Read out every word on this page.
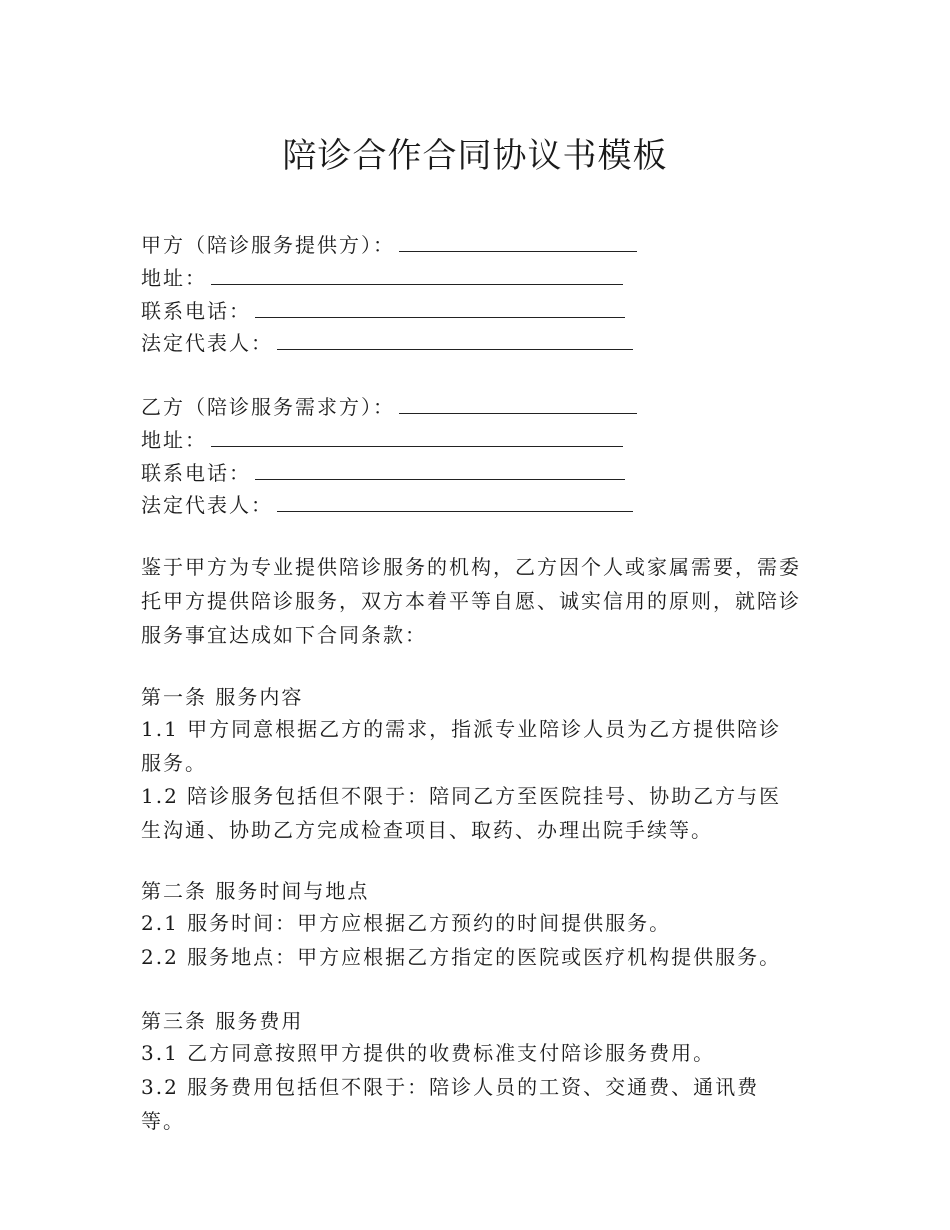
陪诊合作合同协议书模板
甲方（陪诊服务提供方）：
地址：
联系电话：
法定代表人：
乙方（陪诊服务需求方）：
地址：
联系电话：
法定代表人：
鉴于甲方为专业提供陪诊服务的机构，乙方因个人或家属需要，需委托甲方提供陪诊服务，双方本着平等自愿、诚实信用的原则，就陪诊服务事宜达成如下合同条款：
第一条 服务内容
1.1 甲方同意根据乙方的需求，指派专业陪诊人员为乙方提供陪诊服务。
1.2 陪诊服务包括但不限于：陪同乙方至医院挂号、协助乙方与医生沟通、协助乙方完成检查项目、取药、办理出院手续等。
第二条 服务时间与地点
2.1 服务时间：甲方应根据乙方预约的时间提供服务。
2.2 服务地点：甲方应根据乙方指定的医院或医疗机构提供服务。
第三条 服务费用
3.1 乙方同意按照甲方提供的收费标准支付陪诊服务费用。
3.2 服务费用包括但不限于：陪诊人员的工资、交通费、通讯费等。
